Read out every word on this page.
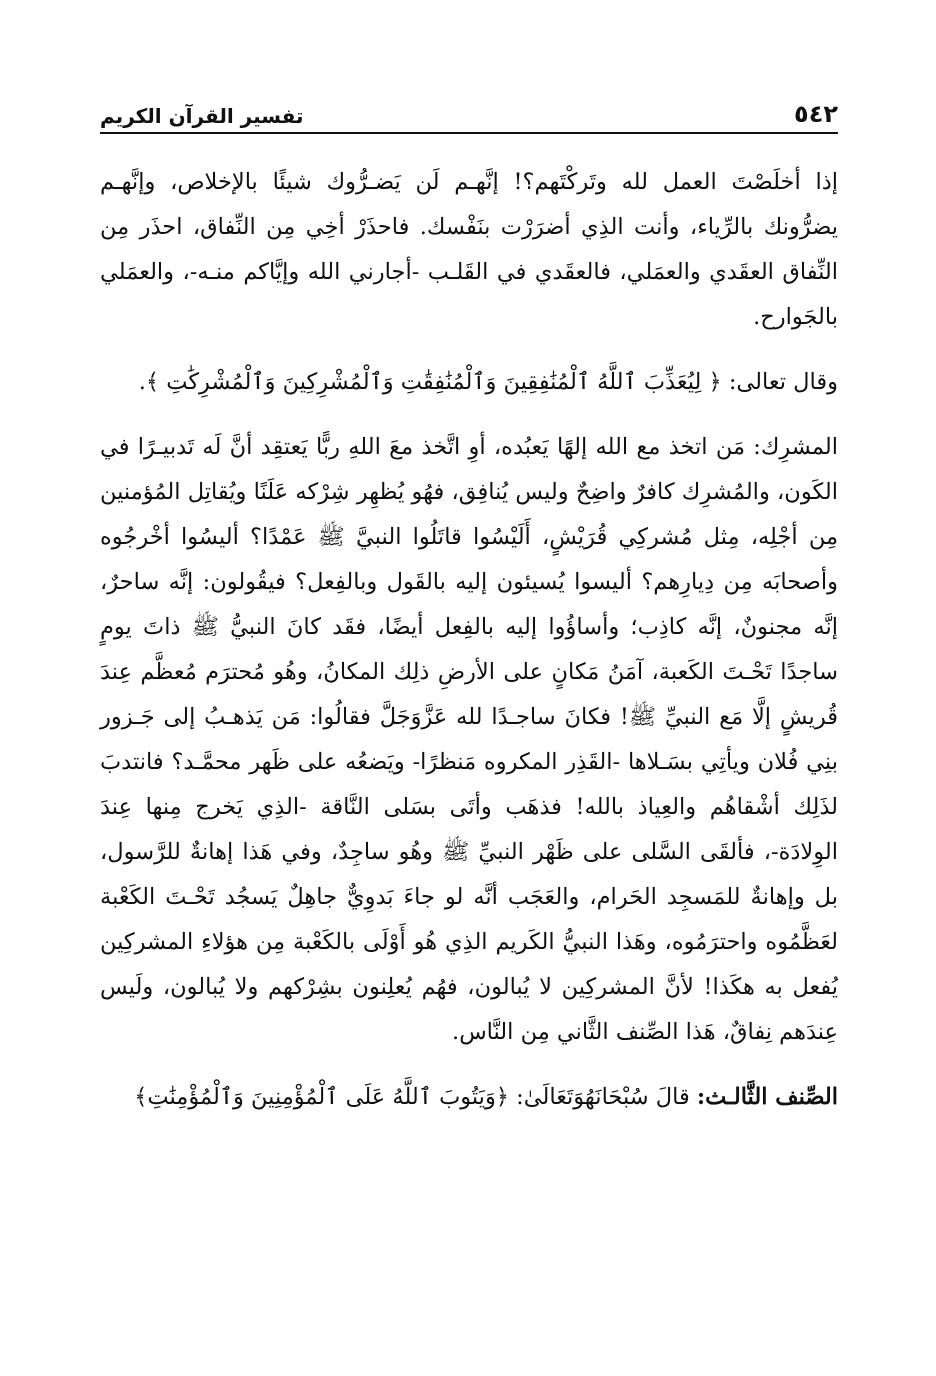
٥٤٢
تفسير القرآن الكريم

إذا أخلَصْتَ العمل لله وتَركْتَهم؟! إنَّهـم لَن يَضـرُّوك شيئًا بالإخلاص، وإنَّهـم يضرُّونك بالرِّياء، وأنت الذِي أضرَرْت بنَفْسك. فاحذَرْ أخِي مِن النِّفاق، احذَر مِن النِّفاق العقَدي والعمَلي، فالعقَدي في القَلـب -أجارني الله وإيَّاكم منـه-، والعمَلي بالجَوارح.

وقال تعالى: ﴿ لِيُعَذِّبَ ٱللَّهُ ٱلْمُنَٰفِقِينَ وَٱلْمُنَٰفِقَٰتِ وَٱلْمُشْرِكِينَ وَٱلْمُشْرِكَٰتِ ﴾.

المشرِك: مَن اتخذ مع الله إلهًا يَعبُده، أوِ اتَّخذ معَ اللهِ ربًّا يَعتقِد أنَّ لَه تَدبيـرًا في الكَون، والمُشرِك كافرٌ واضِحٌ وليس يُنافِق، فهُو يُظهِر شِرْكه عَلَنًا ويُقاتِل المُؤمنين مِن أجْلِه، مِثل مُشركِي قُرَيْشٍ، أَلَيْسُوا قاتَلُوا النبيَّ ﷺ عَمْدًا؟ أليسُوا أخْرجُوه وأصحابَه مِن دِيارِهم؟ أليسوا يُسيئون إليه بالقَول وبالفِعل؟ فيقُولون: إنَّه ساحرٌ، إنَّه مجنونٌ، إنَّه كاذِب؛ وأساؤُوا إليه بالفِعل أيضًا، فقَد كانَ النبيُّ ﷺ ذاتَ يومٍ ساجدًا تَحْـتَ الكَعبة، آمَنُ مَكانٍ على الأرضِ ذلِك المكانُ، وهُو مُحترَم مُعظَّم عِندَ قُريشٍ إلَّا مَع النبيِّ ﷺ! فكانَ ساجـدًا لله عَزَّوَجَلَّ فقالُوا: مَن يَذهـبُ إلى جَـزور بنِي فُلان ويأتِي بسَـلاها -القَذِر المكروه مَنظرًا- ويَضعُه على ظَهر محمَّـد؟ فانتدبَ لذَلِك أشْقاهُم والعِياذ بالله! فذهَب وأتَى بسَلى النَّاقة -الذِي يَخرج مِنها عِندَ الوِلادَة-، فألقَى السَّلى على ظَهْر النبيِّ ﷺ وهُو ساجِدٌ، وفي هَذا إهانةٌ للرَّسول، بل وإهانةٌ للمَسجِد الحَرام، والعَجَب أنَّه لو جاءَ بَدوِيٌّ جاهِلٌ يَسجُد تَحْـتَ الكَعْبة لعَظَّمُوه واحترَمُوه، وهَذا النبيُّ الكَريم الذِي هُو أَوْلَى بالكَعْبة مِن هؤلاءِ المشركِين يُفعل به هكَذا! لأنَّ المشركِين لا يُبالون، فهُم يُعلِنون بشِرْكهم ولا يُبالون، ولَيس عِندَهم نِفاقٌ، هَذا الصِّنف الثَّاني مِن النَّاس.

الصِّنف الثَّالـث: قالَ سُبْحَانَهُوَتَعَالَىٰ: ﴿وَيَتُوبَ ٱللَّهُ عَلَى ٱلْمُؤْمِنِينَ وَٱلْمُؤْمِنَٰتِ﴾
